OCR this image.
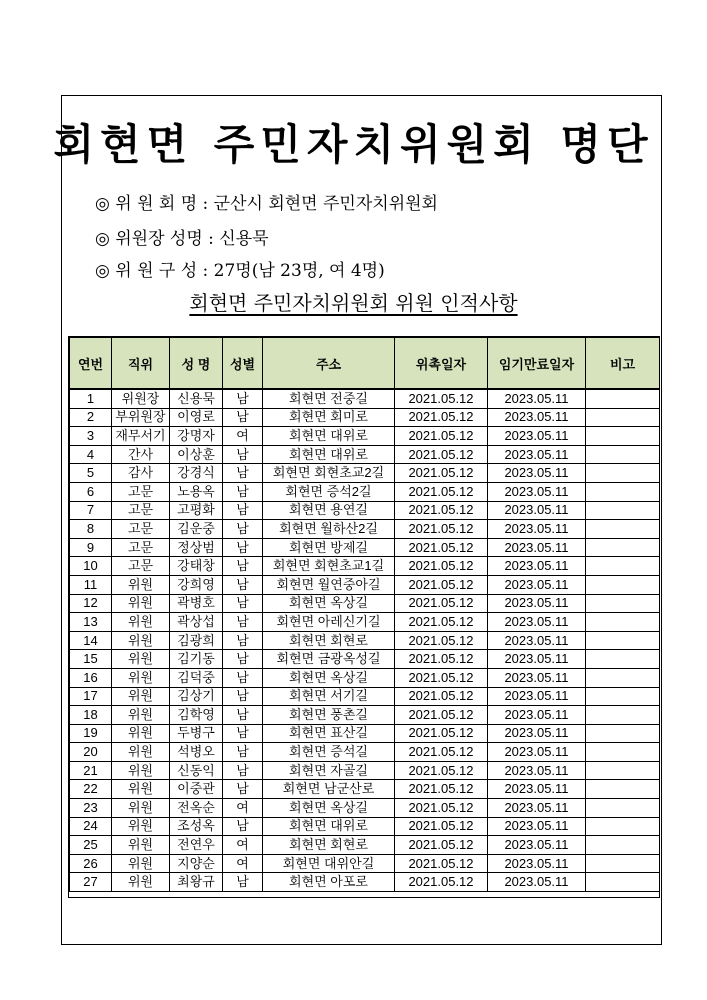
회현면 주민자치위원회 명단
◎ 위 원 회 명 : 군산시 회현면 주민자치위원회
◎ 위원장 성명 : 신용묵
◎ 위 원 구 성 : 27명(남 23명, 여 4명)
회현면 주민자치위원회 위원 인적사항
연번	직위	성 명	성별	주소	위촉일자	임기만료일자	비고
1	위원장	신용묵	남	회현면 전중길	2021.05.12	2023.05.11	
2	부위원장	이영로	남	회현면 회미로	2021.05.12	2023.05.11	
3	재무서기	강명자	여	회현면 대위로	2021.05.12	2023.05.11	
4	간사	이상훈	남	회현면 대위로	2021.05.12	2023.05.11	
5	감사	강경식	남	회현면 회현초교2길	2021.05.12	2023.05.11	
6	고문	노용옥	남	회현면 증석2길	2021.05.12	2023.05.11	
7	고문	고평화	남	회현면 용연길	2021.05.12	2023.05.11	
8	고문	김운중	남	회현면 월하산2길	2021.05.12	2023.05.11	
9	고문	정상범	남	회현면 방제길	2021.05.12	2023.05.11	
10	고문	강태창	남	회현면 회현초교1길	2021.05.12	2023.05.11	
11	위원	강희영	남	회현면 월연중아길	2021.05.12	2023.05.11	
12	위원	곽병호	남	회현면 옥상길	2021.05.12	2023.05.11	
13	위원	곽상섭	남	회현면 아레신기길	2021.05.12	2023.05.11	
14	위원	김광희	남	회현면 회현로	2021.05.12	2023.05.11	
15	위원	김기동	남	회현면 금광옥성길	2021.05.12	2023.05.11	
16	위원	김덕중	남	회현면 옥상길	2021.05.12	2023.05.11	
17	위원	김상기	남	회현면 서기길	2021.05.12	2023.05.11	
18	위원	김학영	남	회현면 풍촌길	2021.05.12	2023.05.11	
19	위원	두병구	남	회현면 표산길	2021.05.12	2023.05.11	
20	위원	석병오	남	회현면 증석길	2021.05.12	2023.05.11	
21	위원	신동익	남	회현면 자골길	2021.05.12	2023.05.11	
22	위원	이중관	남	회현면 남군산로	2021.05.12	2023.05.11	
23	위원	전옥순	여	회현면 옥상길	2021.05.12	2023.05.11	
24	위원	조성옥	남	회현면 대위로	2021.05.12	2023.05.11	
25	위원	전연우	여	회현면 회현로	2021.05.12	2023.05.11	
26	위원	지양순	여	회현면 대위안길	2021.05.12	2023.05.11	
27	위원	최왕규	남	회현면 아포로	2021.05.12	2023.05.11	
